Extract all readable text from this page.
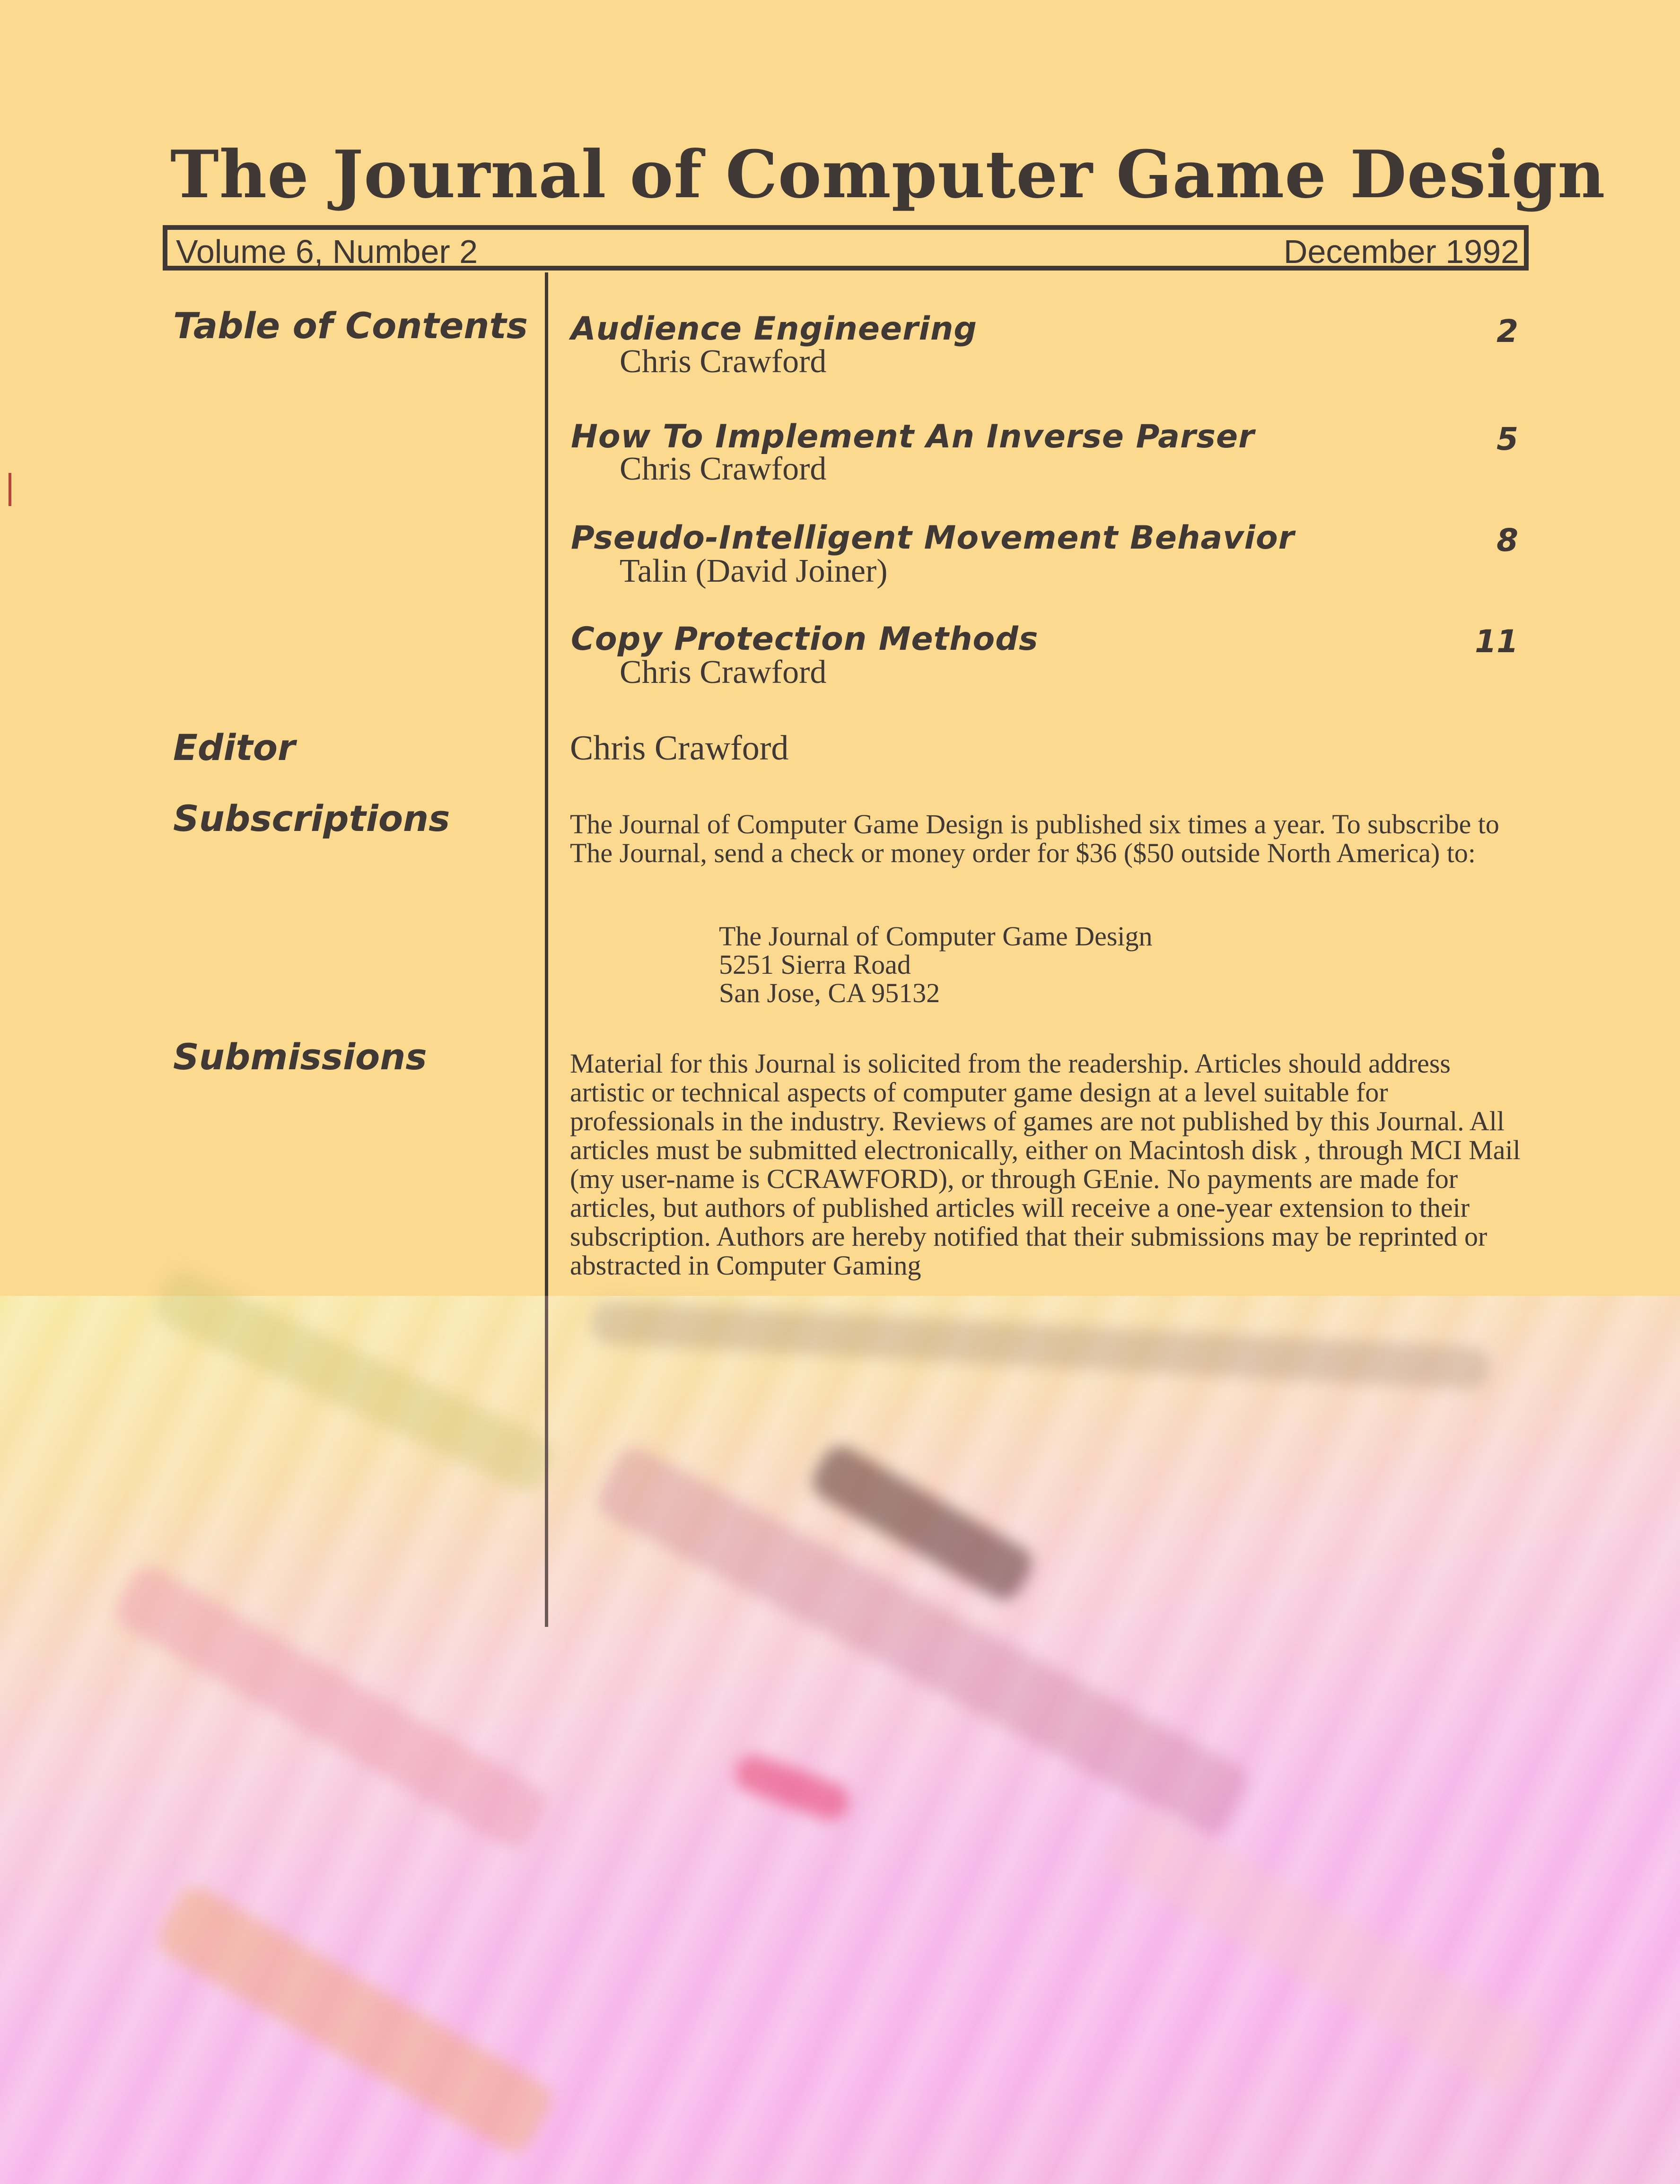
The Journal of Computer Game Design
Volume 6, Number 2	December 1992
Table of Contents
Editor
Subscriptions
Submissions
Audience Engineering
Chris Crawford
2
How To Implement An Inverse Parser
Chris Crawford
5
Pseudo-Intelligent Movement Behavior
Talin (David Joiner)
8
Copy Protection Methods
Chris Crawford
11
Chris Crawford
The Journal of Computer Game Design is published six times a year. To subscribe to The Journal, send a check or money order for $36 ($50 outside North America) to:
The Journal of Computer Game Design
5251 Sierra Road
San Jose, CA 95132
Material for this Journal is solicited from the readership. Articles should address artistic or technical aspects of computer game design at a level suitable for professionals in the industry. Reviews of games are not published by this Journal. All articles must be submitted electronically, either on Macintosh disk , through MCI Mail (my user-name is CCRAWFORD), or through GEnie. No payments are made for articles, but authors of published articles will receive a one-year extension to their subscription. Authors are hereby notified that their submissions may be reprinted or abstracted in Computer Gaming
